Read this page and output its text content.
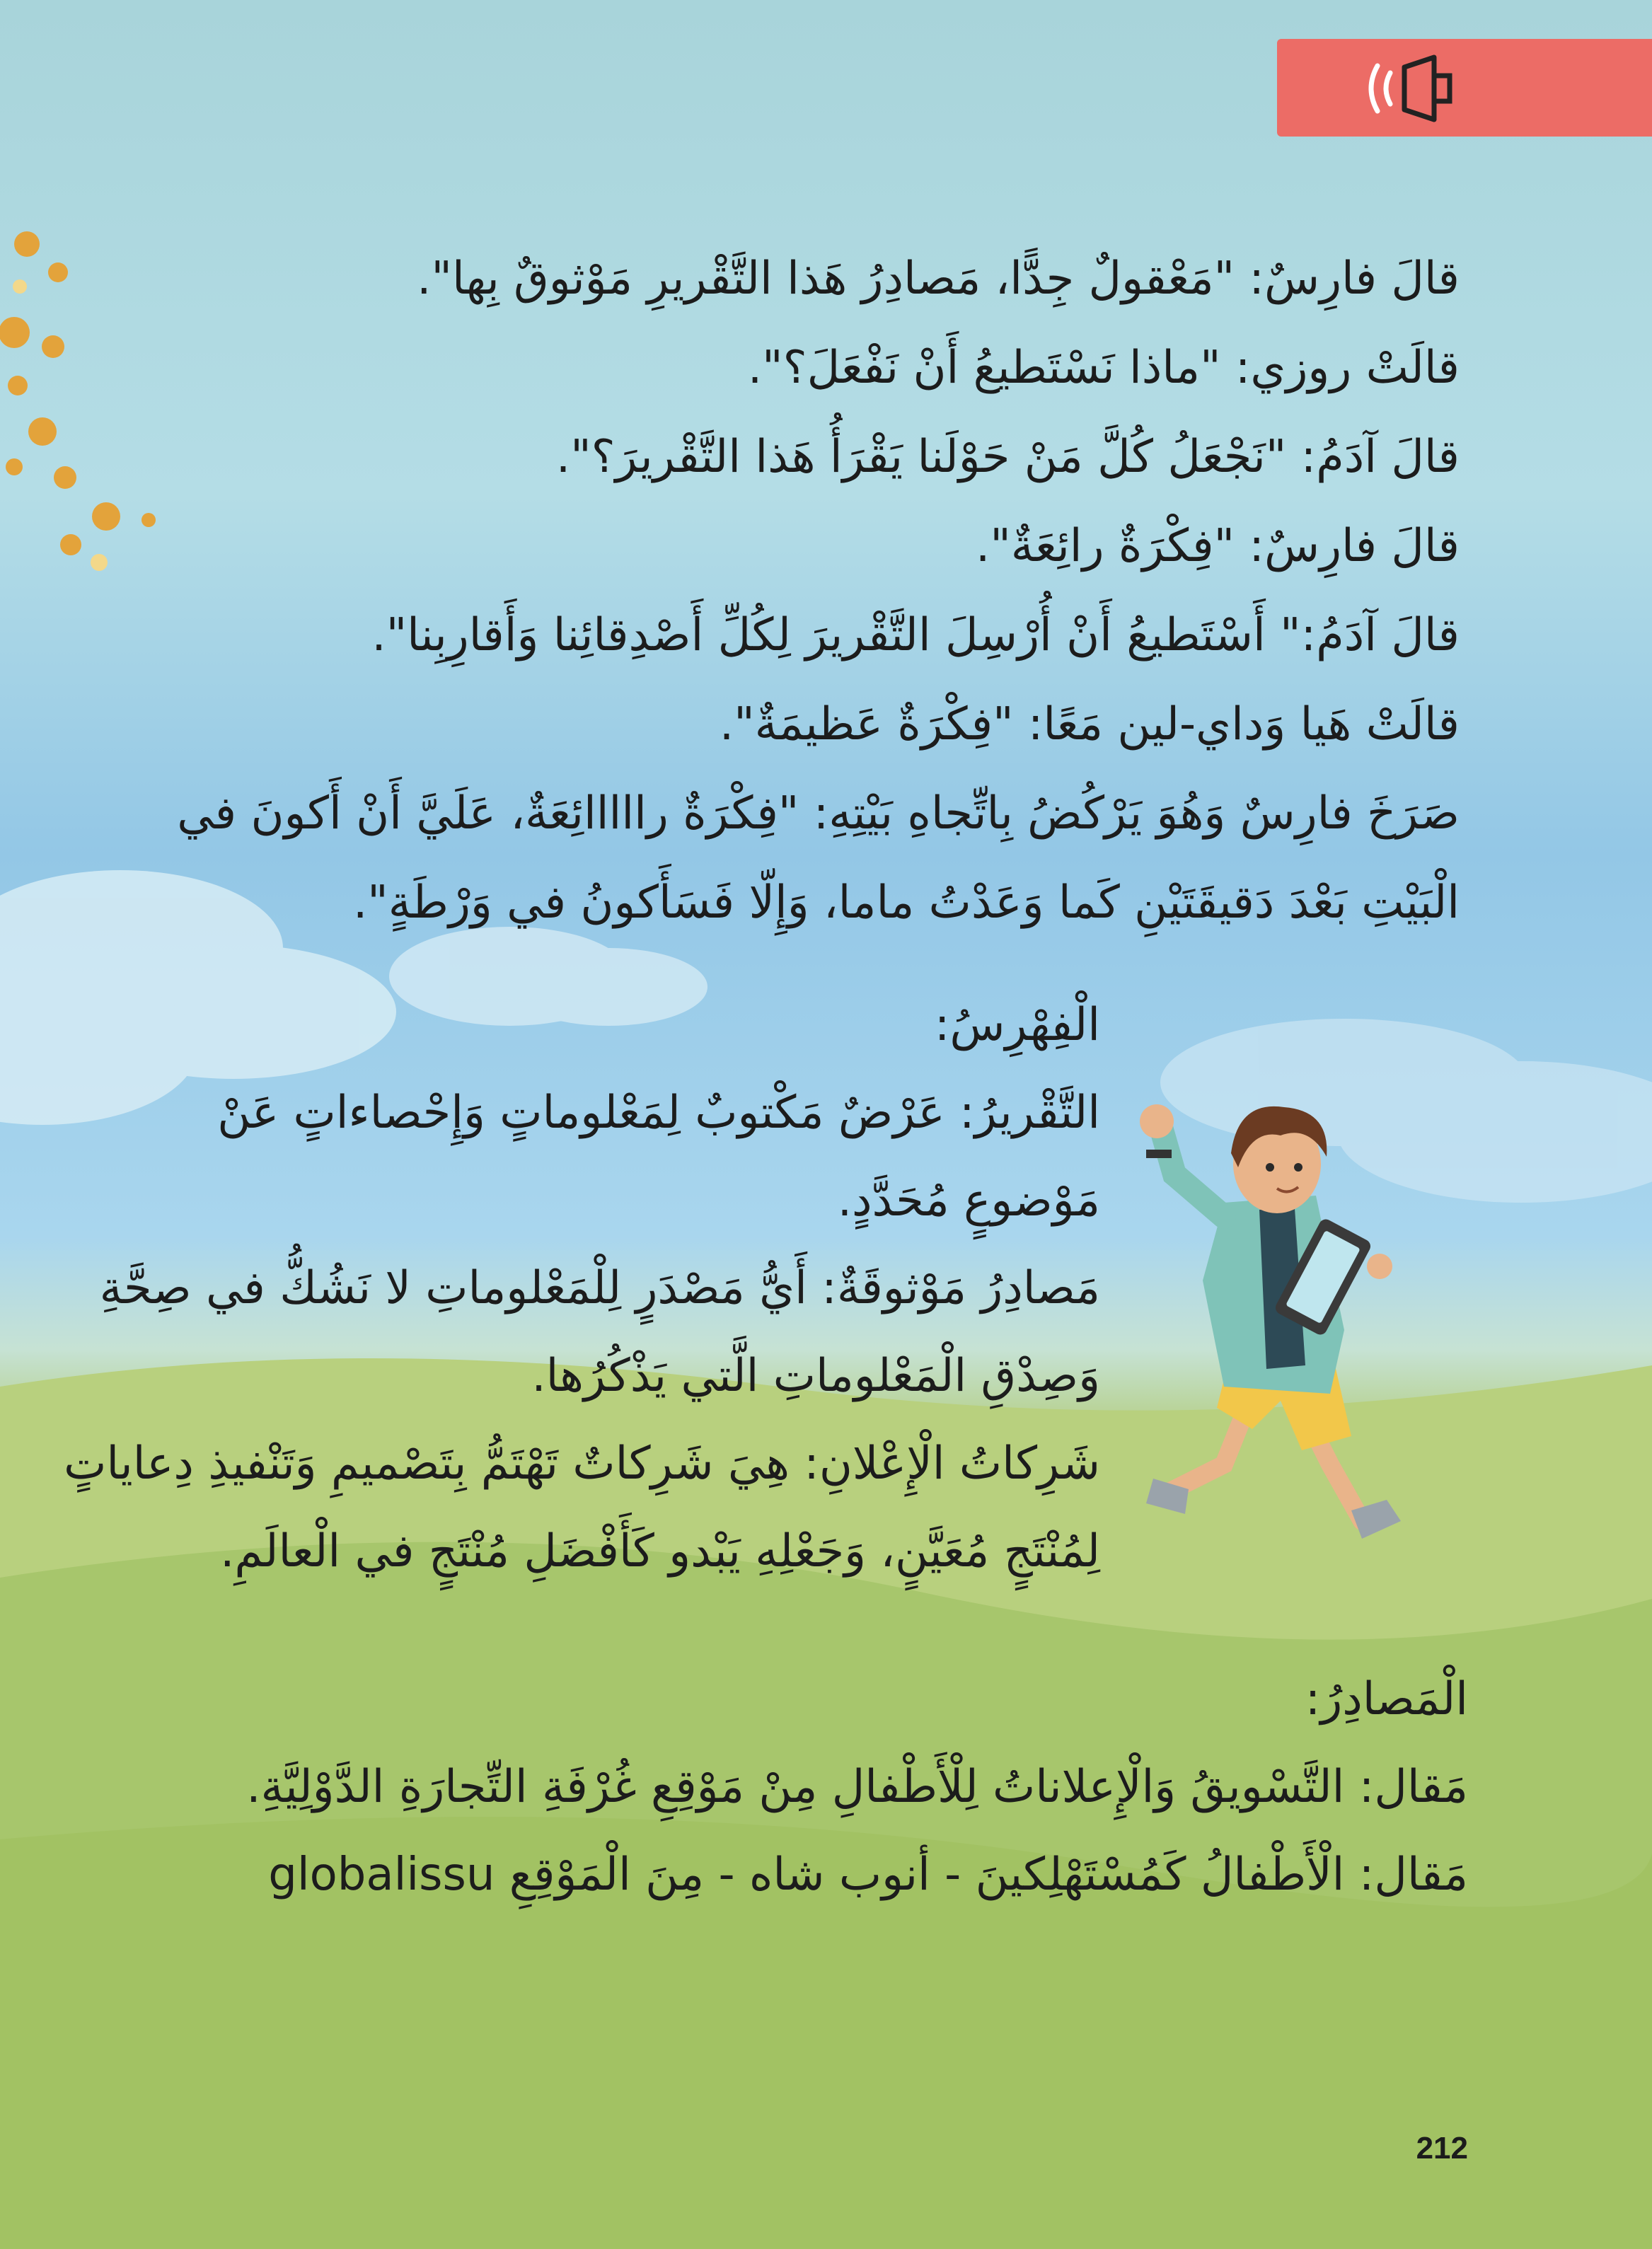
قالَ فارِسٌ: "مَعْقولٌ جِدًّا، مَصادِرُ هَذا التَّقْريرِ مَوْثوقٌ بِها".
قالَتْ روزي: "ماذا نَسْتَطيعُ أَنْ نَفْعَلَ؟".
قالَ آدَمُ: "نَجْعَلُ كُلَّ مَنْ حَوْلَنا يَقْرَأُ هَذا التَّقْريرَ؟".
قالَ فارِسٌ: "فِكْرَةٌ رائِعَةٌ".
قالَ آدَمُ:" أَسْتَطيعُ أَنْ أُرْسِلَ التَّقْريرَ لِكُلِّ أَصْدِقائِنا وَأَقارِبِنا".
قالَتْ هَيا وَداي-لين مَعًا: "فِكْرَةٌ عَظيمَةٌ".
صَرَخَ فارِسٌ وَهُوَ يَرْكُضُ بِاتِّجاهِ بَيْتِهِ: "فِكْرَةٌ رااااائِعَةٌ، عَلَيَّ أَنْ أَكونَ في الْبَيْتِ بَعْدَ دَقيقَتَيْنِ كَما وَعَدْتُ ماما، وَإِلّا فَسَأَكونُ في وَرْطَةٍ".
الْفِهْرِسُ:
التَّقْريرُ: عَرْضٌ مَكْتوبٌ لِمَعْلوماتٍ وَإِحْصاءاتٍ عَنْ
مَوْضوعٍ مُحَدَّدٍ.
مَصادِرُ مَوْثوقَةٌ: أَيُّ مَصْدَرٍ لِلْمَعْلوماتِ لا نَشُكُّ في صِحَّةِ
وَصِدْقِ الْمَعْلوماتِ الَّتي يَذْكُرُها.
شَرِكاتُ الْإِعْلانِ: هِيَ شَرِكاتٌ تَهْتَمُّ بِتَصْميمِ وَتَنْفيذِ دِعاياتٍ
لِمُنْتَجٍ مُعَيَّنٍ، وَجَعْلِهِ يَبْدو كَأَفْضَلِ مُنْتَجٍ في الْعالَمِ.
الْمَصادِرُ:
مَقال: التَّسْويقُ وَالْإِعلاناتُ لِلْأَطْفالِ مِنْ مَوْقِعِ غُرْفَةِ التِّجارَةِ الدَّوْلِيَّةِ.
مَقال: الْأَطْفالُ كَمُسْتَهْلِكينَ - أنوب شاه - مِنَ الْمَوْقِعِ globalissu
212
